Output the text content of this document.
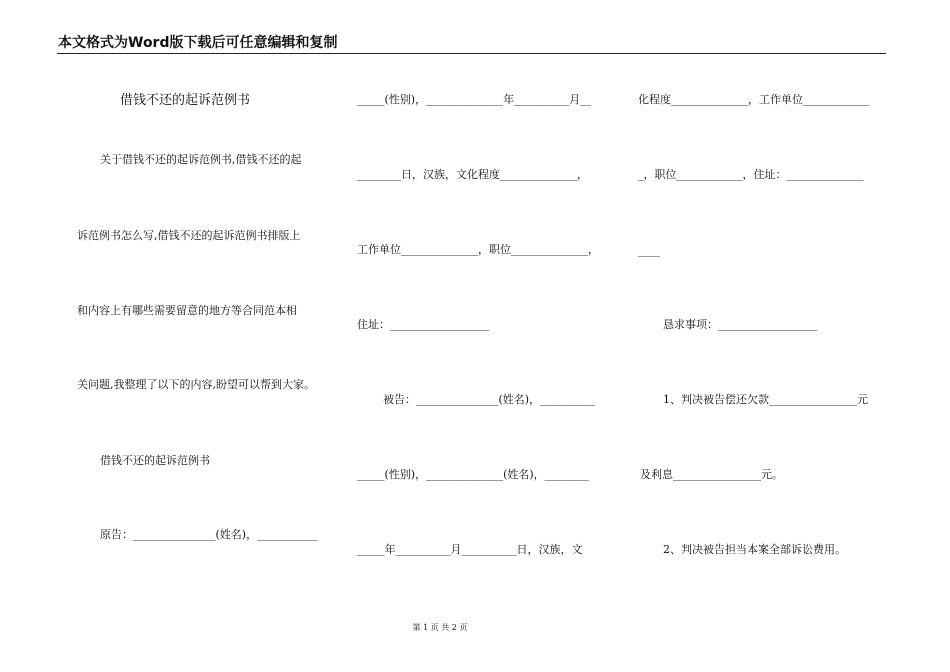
本文格式为Word版下载后可任意编辑和复制
借钱不还的起诉范例书
关于借钱不还的起诉范例书,借钱不还的起
诉范例书怎么写,借钱不还的起诉范例书排版上
和内容上有哪些需要留意的地方等合同范本相
关问题,我整理了以下的内容,盼望可以帮到大家。
借钱不还的起诉范例书
原告：_______________(姓名)，___________
_____(性别)，______________年__________月__
________日，汉族，文化程度______________，
工作单位______________，职位______________，
住址：__________________
被告：_______________(姓名)，__________
_____(性别)，______________(姓名)，________
_____年__________月__________日，汉族，文
化程度______________，工作单位____________
_，职位____________，住址：______________
____
恳求事项：__________________
1、判决被告偿还欠款________________元
及利息________________元。
2、判决被告担当本案全部诉讼费用。
第 1 页 共 2 页
